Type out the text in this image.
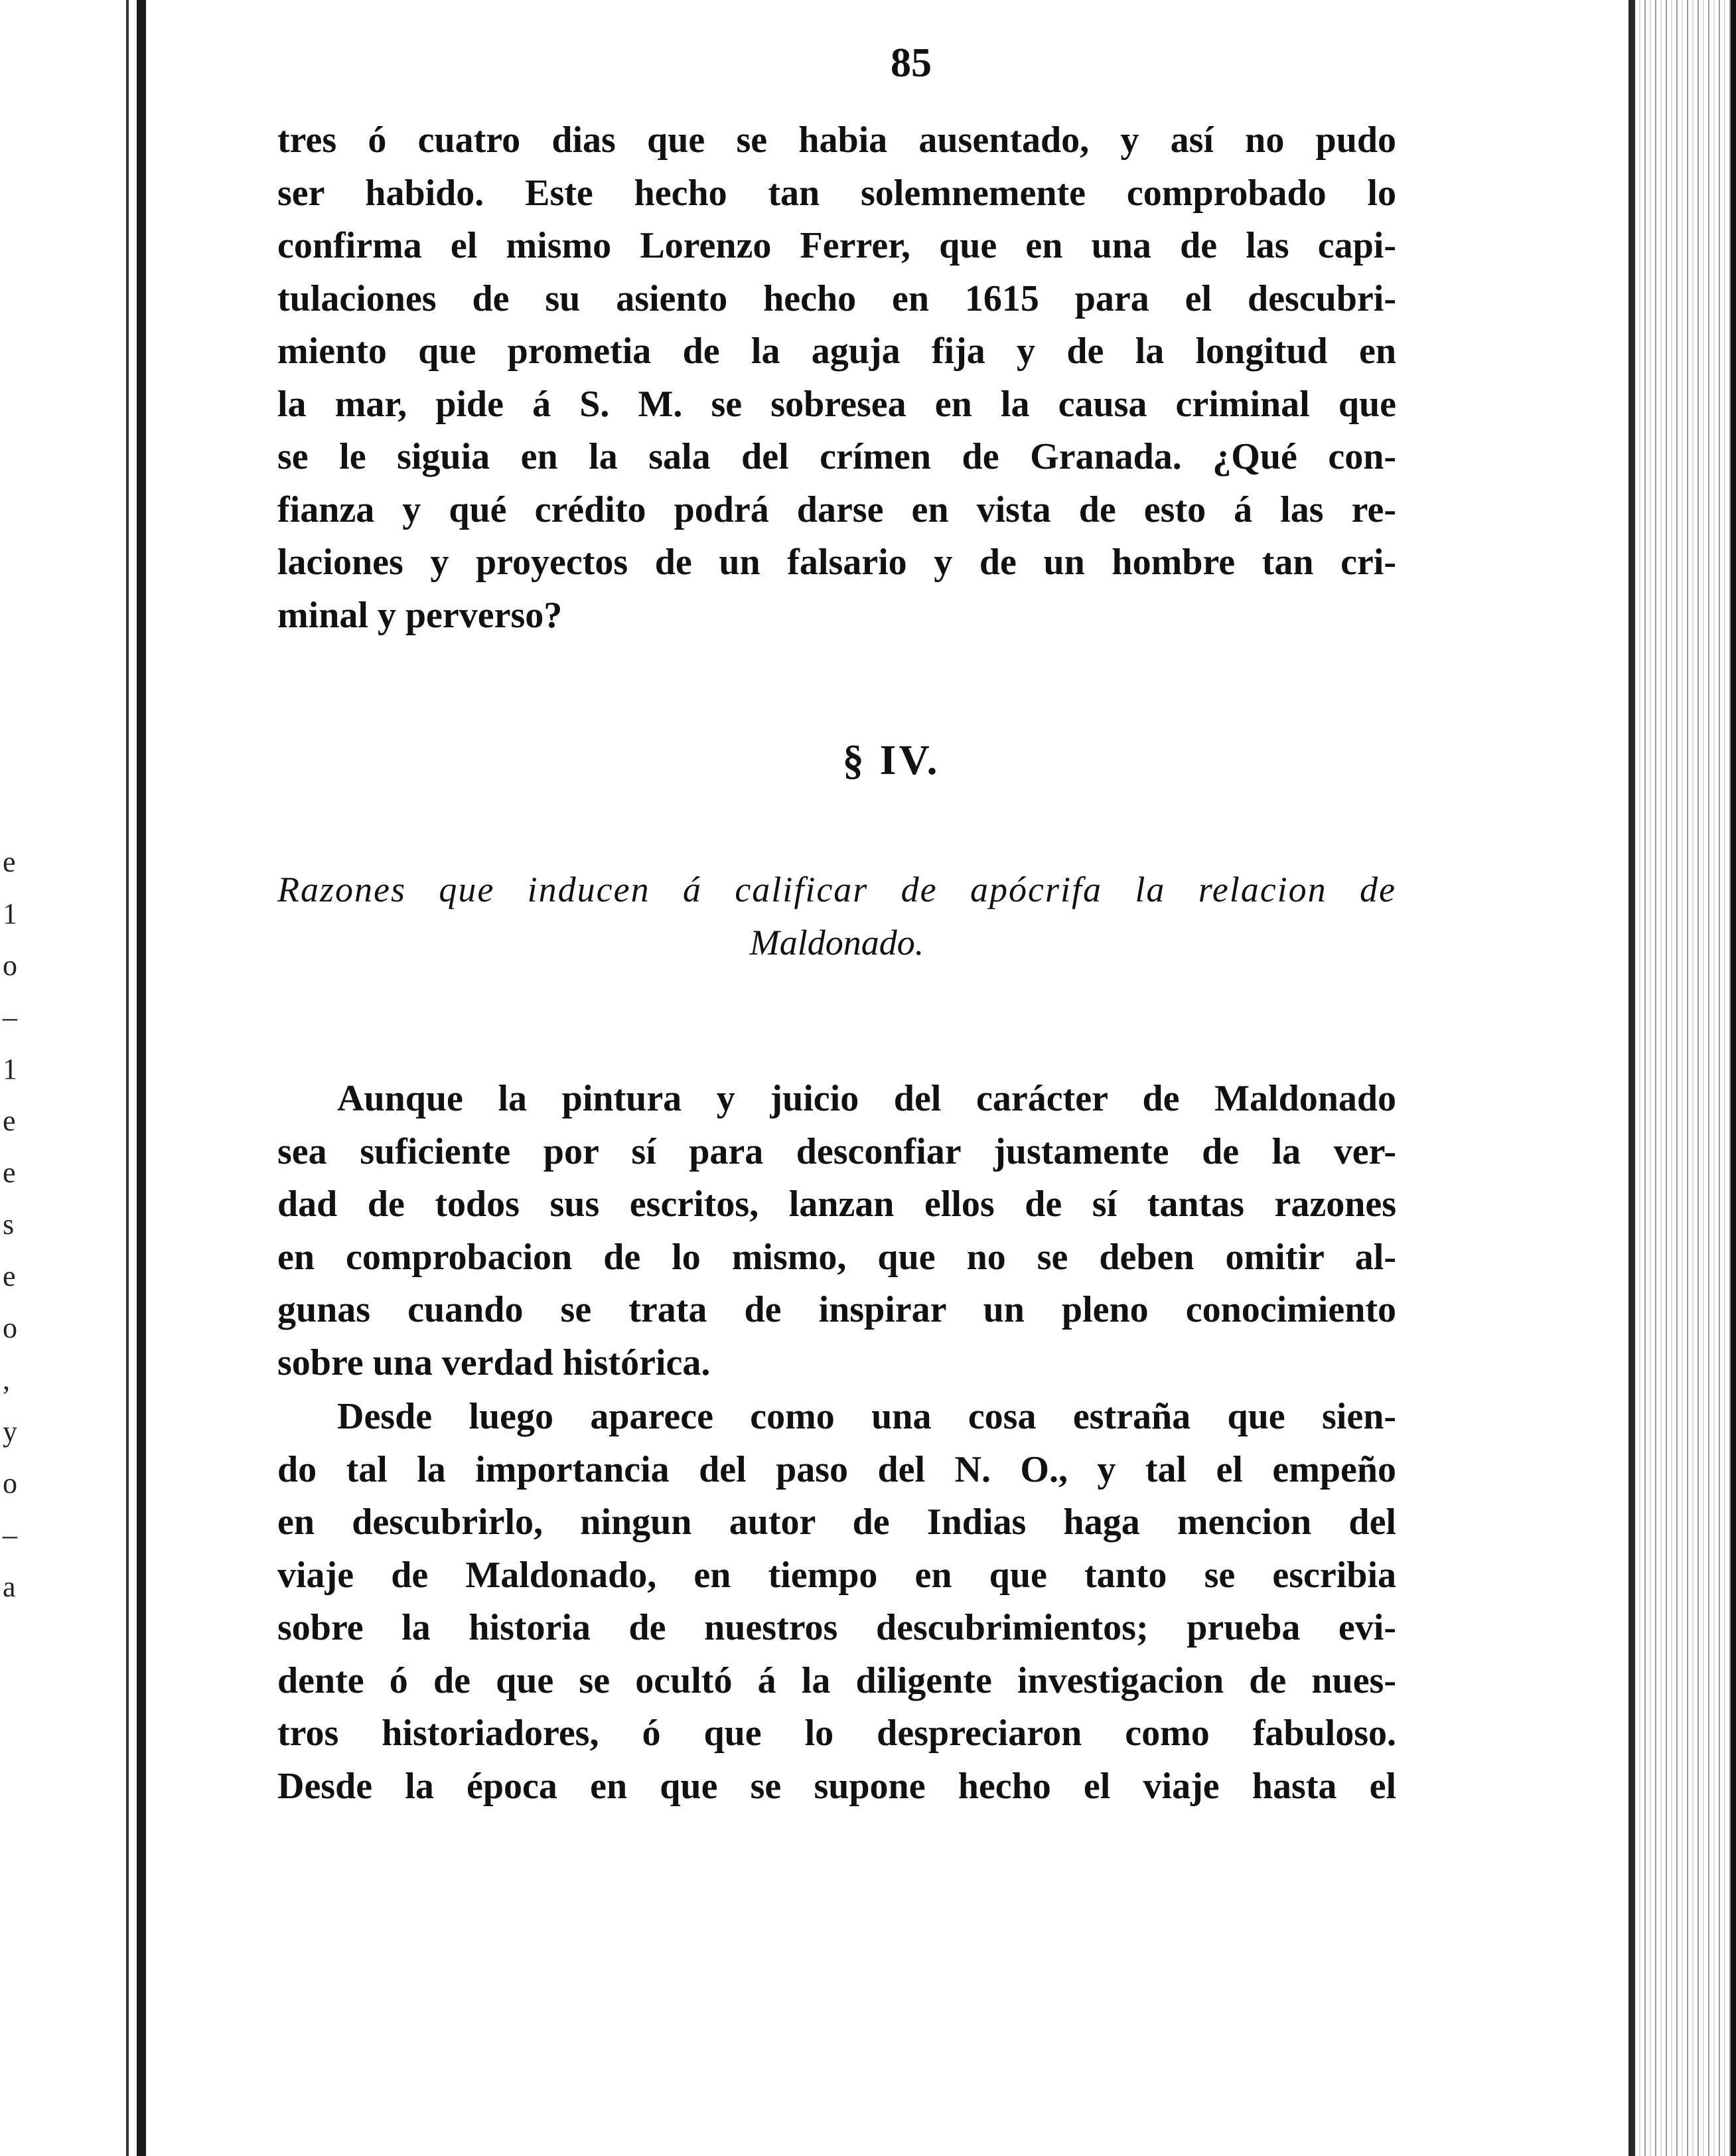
e
1
o
–
1
e
e
s
e
o
,
y
o
–
a
85
tres ó cuatro dias que se habia ausentado, y así no pudo
ser habido. Este hecho tan solemnemente comprobado lo
confirma el mismo Lorenzo Ferrer, que en una de las capi-
tulaciones de su asiento hecho en 1615 para el descubri-
miento que prometia de la aguja fija y de la longitud en
la mar, pide á S. M. se sobresea en la causa criminal que
se le siguia en la sala del crímen de Granada. ¿Qué con-
fianza y qué crédito podrá darse en vista de esto á las re-
laciones y proyectos de un falsario y de un hombre tan cri-
minal y perverso?
§ IV.
Razones que inducen á calificar de apócrifa la relacion de
Maldonado.
Aunque la pintura y juicio del carácter de Maldonado
sea suficiente por sí para desconfiar justamente de la ver-
dad de todos sus escritos, lanzan ellos de sí tantas razones
en comprobacion de lo mismo, que no se deben omitir al-
gunas cuando se trata de inspirar un pleno conocimiento
sobre una verdad histórica.
Desde luego aparece como una cosa estraña que sien-
do tal la importancia del paso del N. O., y tal el empeño
en descubrirlo, ningun autor de Indias haga mencion del
viaje de Maldonado, en tiempo en que tanto se escribia
sobre la historia de nuestros descubrimientos; prueba evi-
dente ó de que se ocultó á la diligente investigacion de nues-
tros historiadores, ó que lo despreciaron como fabuloso.
Desde la época en que se supone hecho el viaje hasta el
